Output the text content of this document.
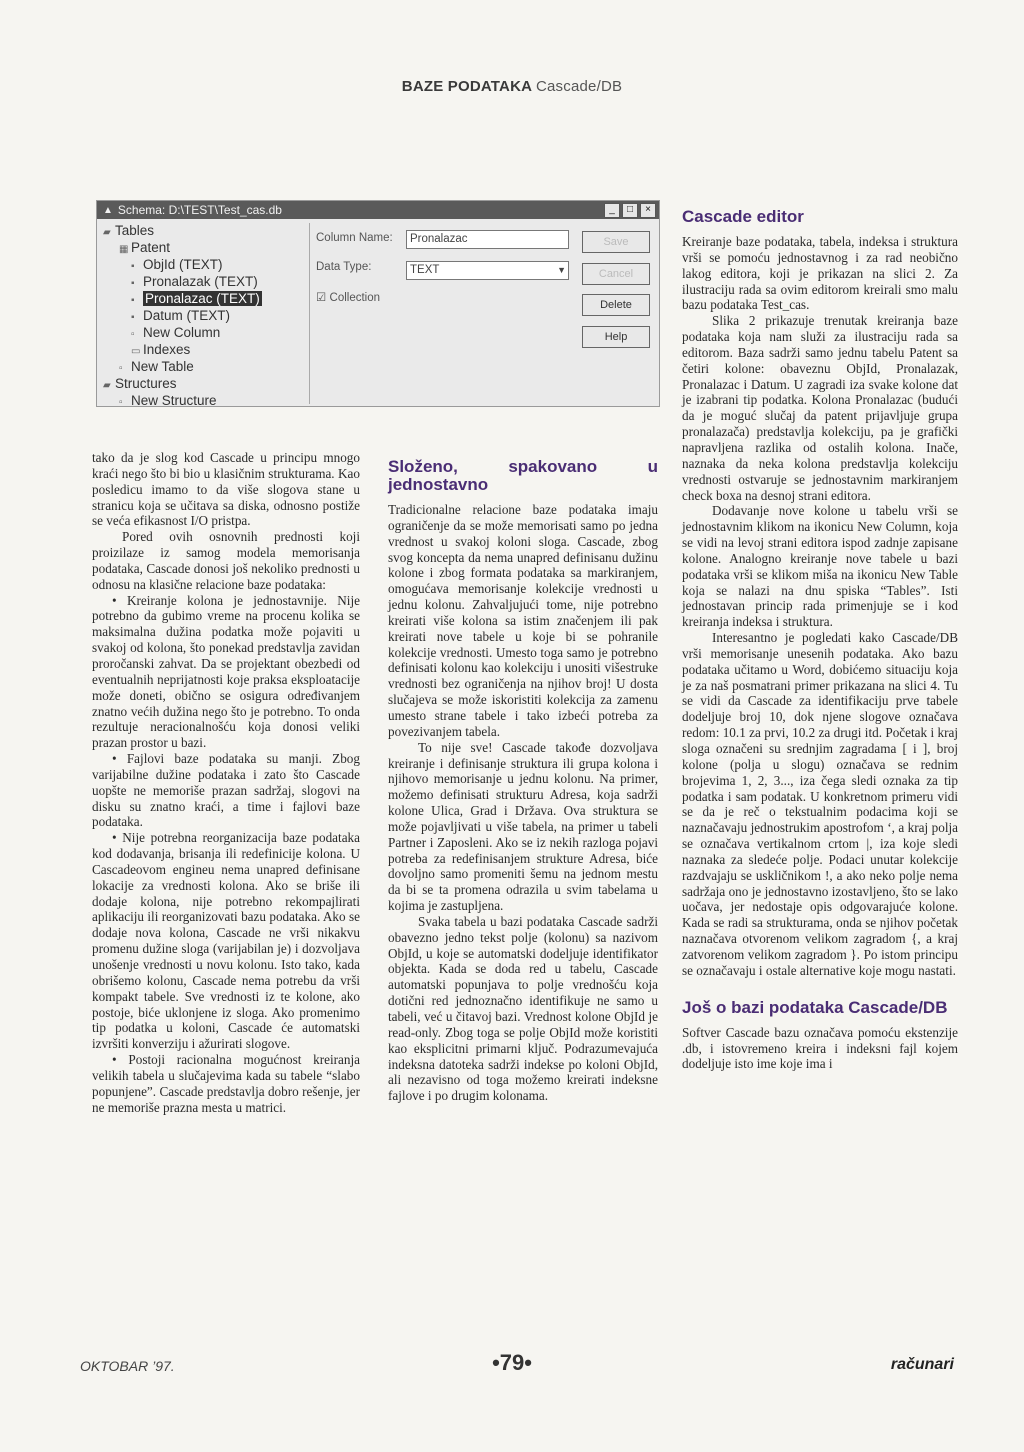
BAZE PODATAKA Cascade/DB
▲ Schema: D:\TEST\Test_cas.db	_	□	×
▰ Tables
▦ Patent
▪ ObjId (TEXT)
▪ Pronalazak (TEXT)
▪ Pronalazac (TEXT)
▪ Datum (TEXT)
▫ New Column
▭ Indexes
▫ New Table
▰ Structures
▫ New Structure
Column Name:	Pronalazac
Data Type:	TEXT	▼
☑ Collection
Save
Cancel
Delete
Help

tako da je slog kod Cascade u principu mnogo kraći nego što bi bio u klasičnim strukturama. Kao posledicu imamo to da više slogova stane u stranicu koja se učitava sa diska, odnosno postiže se veća efikasnost I/O pristpa.

Pored ovih osnovnih prednosti koji proizilaze iz samog modela memorisanja podataka, Cascade donosi još nekoliko prednosti u odnosu na klasične relacione baze podataka:

• Kreiranje kolona je jednostavnije. Nije potrebno da gubimo vreme na procenu kolika se maksimalna dužina podatka može pojaviti u svakoj od kolona, što ponekad predstavlja zavidan proročanski zahvat. Da se projektant obezbedi od eventualnih neprijatnosti koje praksa eksploatacije može doneti, obično se osigura određivanjem znatno većih dužina nego što je potrebno. To onda rezultuje neracionalnošću koja donosi veliki prazan prostor u bazi.

• Fajlovi baze podataka su manji. Zbog varijabilne dužine podataka i zato što Cascade uopšte ne memoriše prazan sadržaj, slogovi na disku su znatno kraći, a time i fajlovi baze podataka.

• Nije potrebna reorganizacija baze podataka kod dodavanja, brisanja ili redefinicije kolona. U Cascadeovom engineu nema unapred definisane lokacije za vrednosti kolona. Ako se briše ili dodaje kolona, nije potrebno rekompajlirati aplikaciju ili reorganizovati bazu podataka. Ako se dodaje nova kolona, Cascade ne vrši nikakvu promenu dužine sloga (varijabilan je) i dozvoljava unošenje vrednosti u novu kolonu. Isto tako, kada obrišemo kolonu, Cascade nema potrebu da vrši kompakt tabele. Sve vrednosti iz te kolone, ako postoje, biće uklonjene iz sloga. Ako promenimo tip podatka u koloni, Cascade će automatski izvršiti konverziju i ažurirati slogove.

• Postoji racionalna mogućnost kreiranja velikih tabela u slučajevima kada su tabele “slabo popunjene”. Cascade predstavlja dobro rešenje, jer ne memoriše prazna mesta u matrici.

Složeno, spakovano u jednostavno

Tradicionalne relacione baze podataka imaju ograničenje da se može memorisati samo po jedna vrednost u svakoj koloni sloga. Cascade, zbog svog koncepta da nema unapred definisanu dužinu kolone i zbog formata podataka sa markiranjem, omogućava memorisanje kolekcije vrednosti u jednu kolonu. Zahvaljujući tome, nije potrebno kreirati više kolona sa istim značenjem ili pak kreirati nove tabele u koje bi se pohranile kolekcije vrednosti. Umesto toga samo je potrebno definisati kolonu kao kolekciju i unositi višestruke vrednosti bez ograničenja na njihov broj! U dosta slučajeva se može iskoristiti kolekcija za zamenu umesto strane tabele i tako izbeći potreba za povezivanjem tabela.

To nije sve! Cascade takođe dozvoljava kreiranje i definisanje struktura ili grupa kolona i njihovo memorisanje u jednu kolonu. Na primer, možemo definisati strukturu Adresa, koja sadrži kolone Ulica, Grad i Država. Ova struktura se može pojavljivati u više tabela, na primer u tabeli Partner i Zaposleni. Ako se iz nekih razloga pojavi potreba za redefinisanjem strukture Adresa, biće dovoljno samo promeniti šemu na jednom mestu da bi se ta promena odrazila u svim tabelama u kojima je zastupljena.

Svaka tabela u bazi podataka Cascade sadrži obavezno jedno tekst polje (kolonu) sa nazivom ObjId, u koje se automatski dodeljuje identifikator objekta. Kada se doda red u tabelu, Cascade automatski popunjava to polje vrednošću koja dotični red jednoznačno identifikuje ne samo u tabeli, već u čitavoj bazi. Vrednost kolone ObjId je read-only. Zbog toga se polje ObjId može koristiti kao eksplicitni primarni ključ. Podrazumevajuća indeksna datoteka sadrži indekse po koloni ObjId, ali nezavisno od toga možemo kreirati indeksne fajlove i po drugim kolonama.

Cascade editor

Kreiranje baze podataka, tabela, indeksa i struktura vrši se pomoću jednostavnog i za rad neobično lakog editora, koji je prikazan na slici 2. Za ilustraciju rada sa ovim editorom kreirali smo malu bazu podataka Test_cas.

Slika 2 prikazuje trenutak kreiranja baze podataka koja nam služi za ilustraciju rada sa editorom. Baza sadrži samo jednu tabelu Patent sa četiri kolone: obaveznu ObjId, Pronalazak, Pronalazac i Datum. U zagradi iza svake kolone dat je izabrani tip podatka. Kolona Pronalazac (budući da je moguć slučaj da patent prijavljuje grupa pronalazača) predstavlja kolekciju, pa je grafički napravljena razlika od ostalih kolona. Inače, naznaka da neka kolona predstavlja kolekciju vrednosti ostvaruje se jednostavnim markiranjem check boxa na desnoj strani editora.

Dodavanje nove kolone u tabelu vrši se jednostavnim klikom na ikonicu New Column, koja se vidi na levoj strani editora ispod zadnje zapisane kolone. Analogno kreiranje nove tabele u bazi podataka vrši se klikom miša na ikonicu New Table koja se nalazi na dnu spiska “Tables”. Isti jednostavan princip rada primenjuje se i kod kreiranja indeksa i struktura.

Interesantno je pogledati kako Cascade/DB vrši memorisanje unesenih podataka. Ako bazu podataka učitamo u Word, dobićemo situaciju koja je za naš posmatrani primer prikazana na slici 4. Tu se vidi da Cascade za identifikaciju prve tabele dodeljuje broj 10, dok njene slogove označava redom: 10.1 za prvi, 10.2 za drugi itd. Početak i kraj sloga označeni su srednjim zagradama [ i ], broj kolone (polja u slogu) označava se rednim brojevima 1, 2, 3..., iza čega sledi oznaka za tip podatka i sam podatak. U konkretnom primeru vidi se da je reč o tekstualnim podacima koji se naznačavaju jednostrukim apostrofom ‘, a kraj polja se označava vertikalnom crtom |, iza koje sledi naznaka za sledeće polje. Podaci unutar kolekcije razdvajaju se uskličnikom !, a ako neko polje nema sadržaja ono je jednostavno izostavljeno, što se lako uočava, jer nedostaje opis odgovarajuće kolone. Kada se radi sa strukturama, onda se njihov početak naznačava otvorenom velikom zagradom {, a kraj zatvorenom velikom zagradom }. Po istom principu se označavaju i ostale alternative koje mogu nastati.

Još o bazi podataka Cascade/DB

Softver Cascade bazu označava pomoću ekstenzije .db, i istovremeno kreira i indeksni fajl kojem dodeljuje isto ime koje ima i

OKTOBAR ’97.	•79•	računari
